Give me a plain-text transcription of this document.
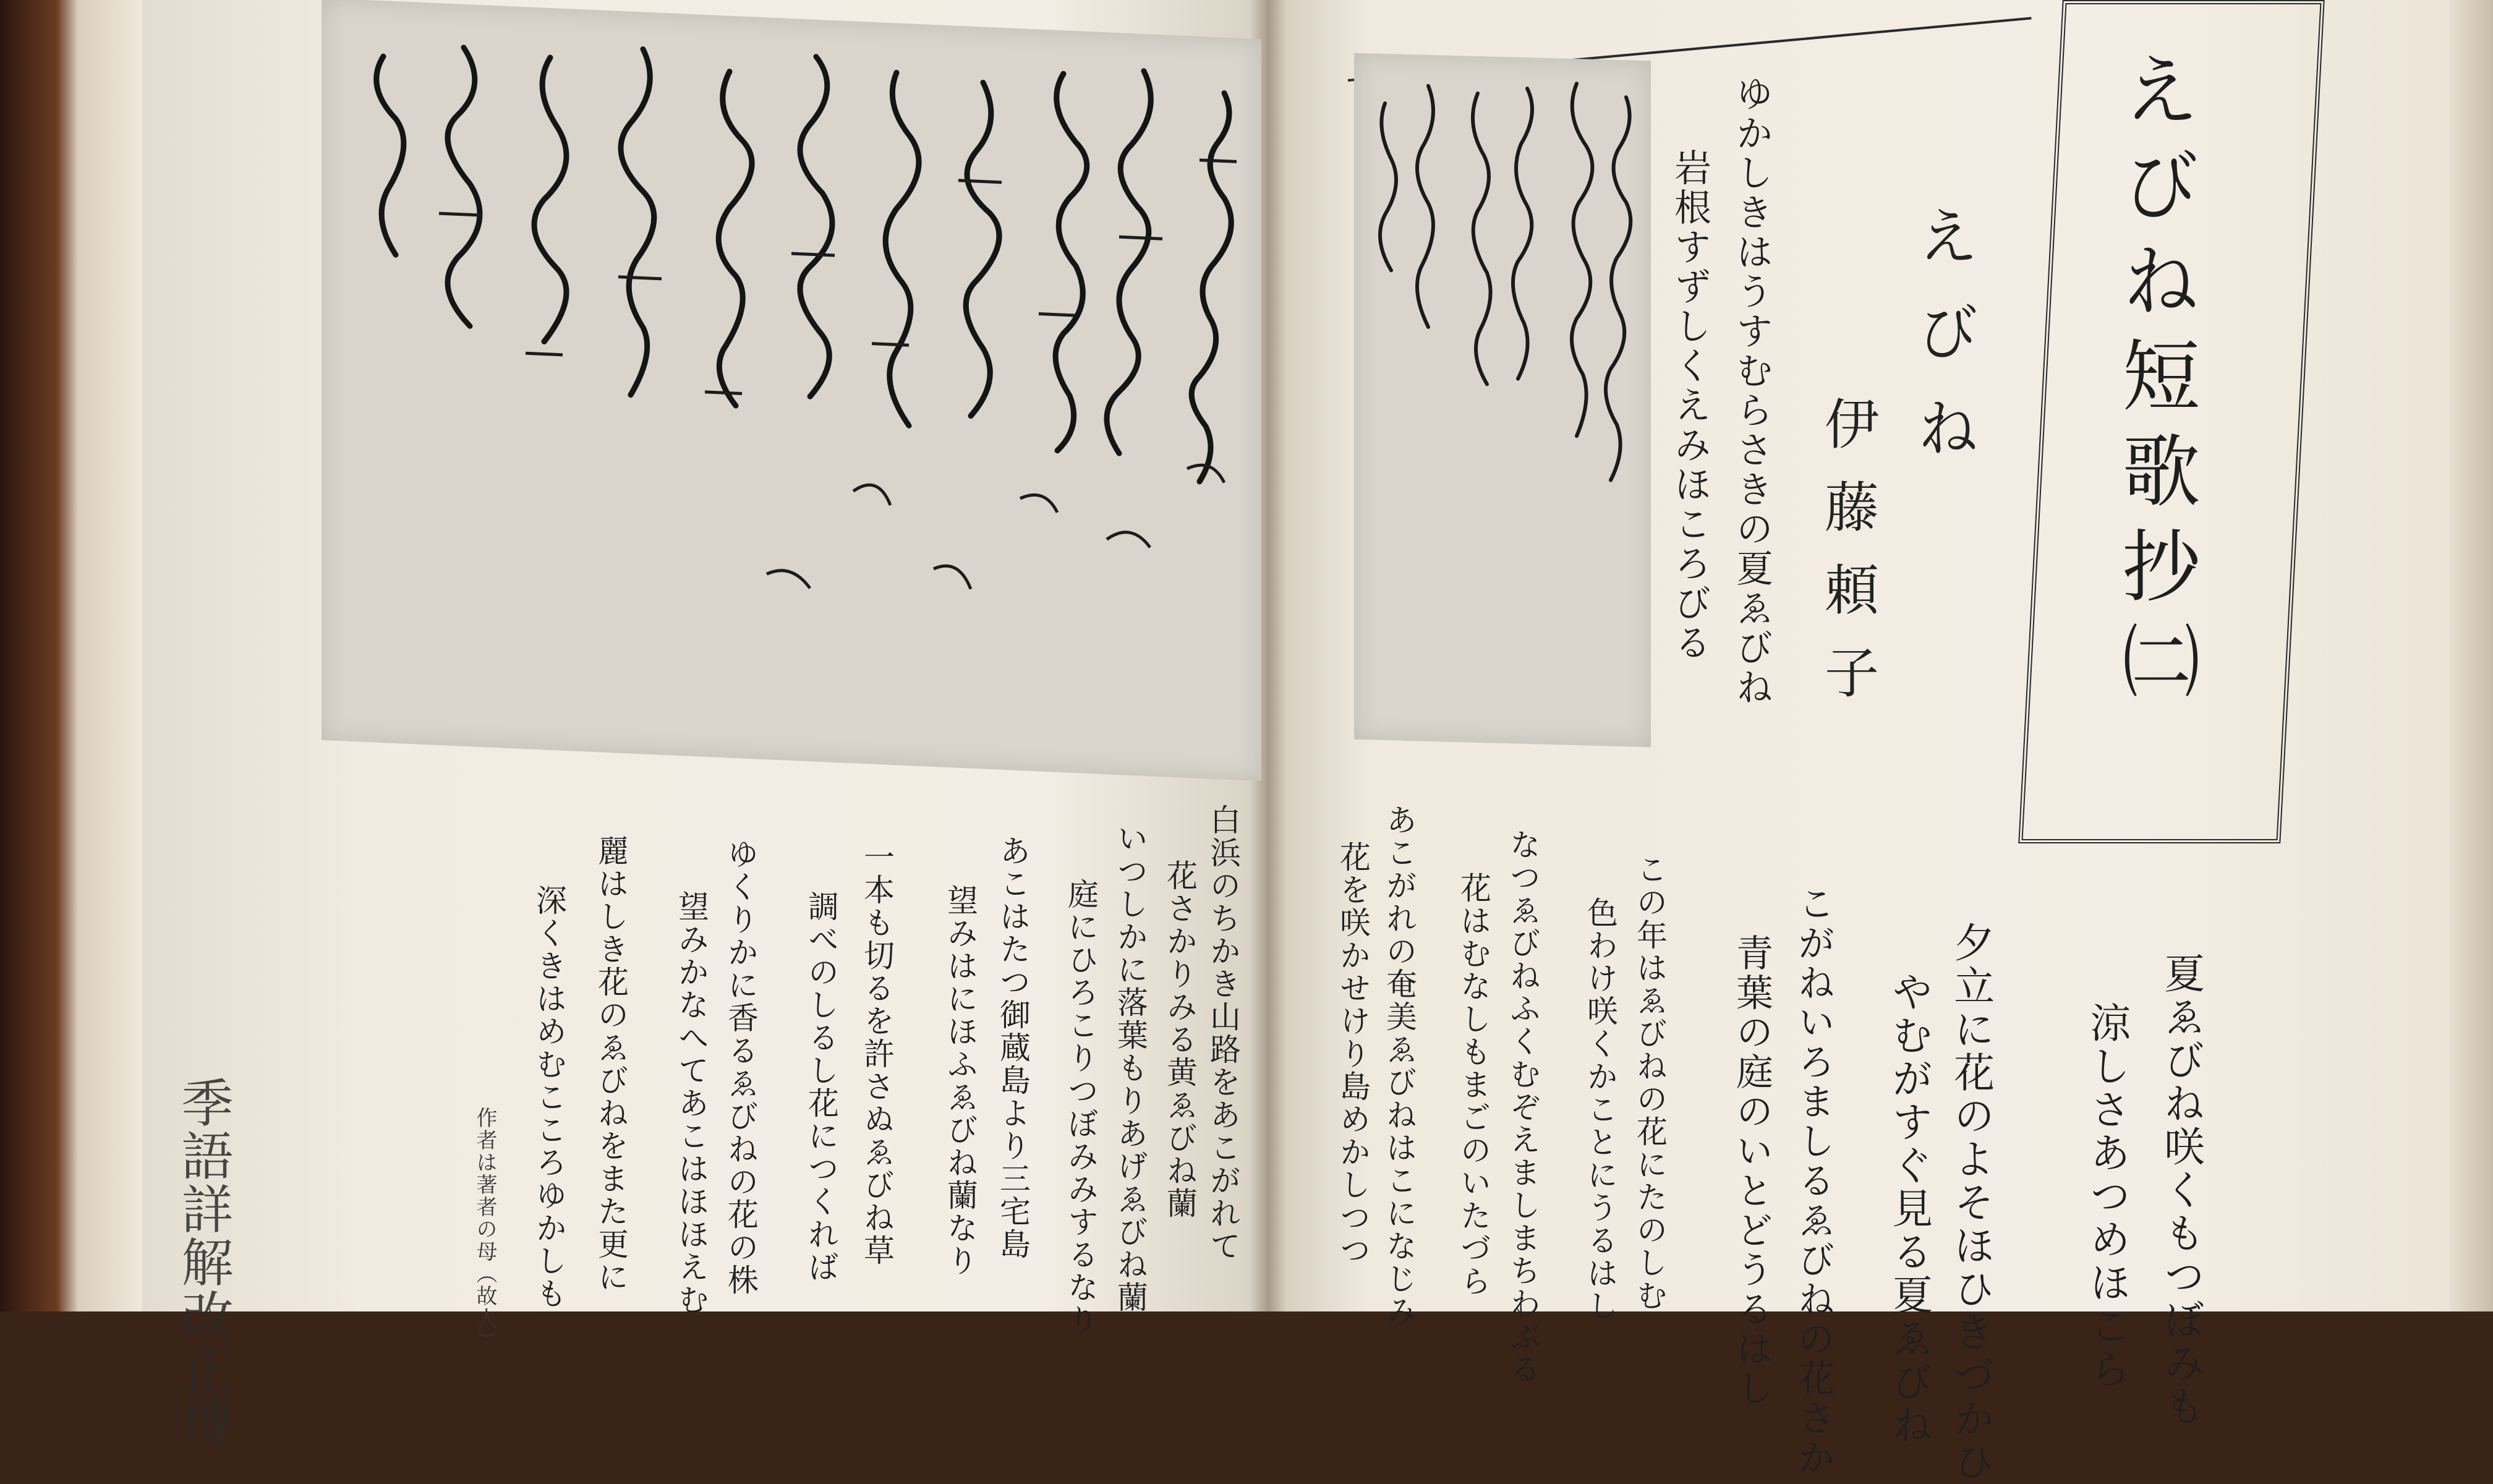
季語詳解改正博
えびね短歌抄㈡
えびね
伊藤頼子
ゆかしきはうすむらさきの夏ゑびね
岩根すずしくえみほころびる
夏ゑびね咲くもつぼみも
涼しさあつめほこら
夕立に花のよそほひきづかひ
やむがすぐ見る夏ゑびね
こがねいろましるゑびねの花さか
青葉の庭のいとどうるはし
この年はゑびねの花にたのしむ
色わけ咲くかことにうるはし
なつゑびねふくむぞえましまちわぶる
花はむなしもまごのいたづら
あこがれの奄美ゑびねはこになじみ
花を咲かせけり島めかしつつ
白浜のちかき山路をあこがれて
花さかりみる黄ゑびね蘭
いつしかに落葉もりあげゑびね蘭
庭にひろこりつぼみみするなり
あこはたつ御蔵島より三宅島
望みはにほふゑびね蘭なり
一本も切るを許さぬゑびね草
調べのしるし花につくれば
ゆくりかに香るゑびねの花の株
望みかなへてあこはほほえむ
麗はしき花のゑびねをまた更に
深くきはめむこころゆかしも
作者は著者の母（故人）
